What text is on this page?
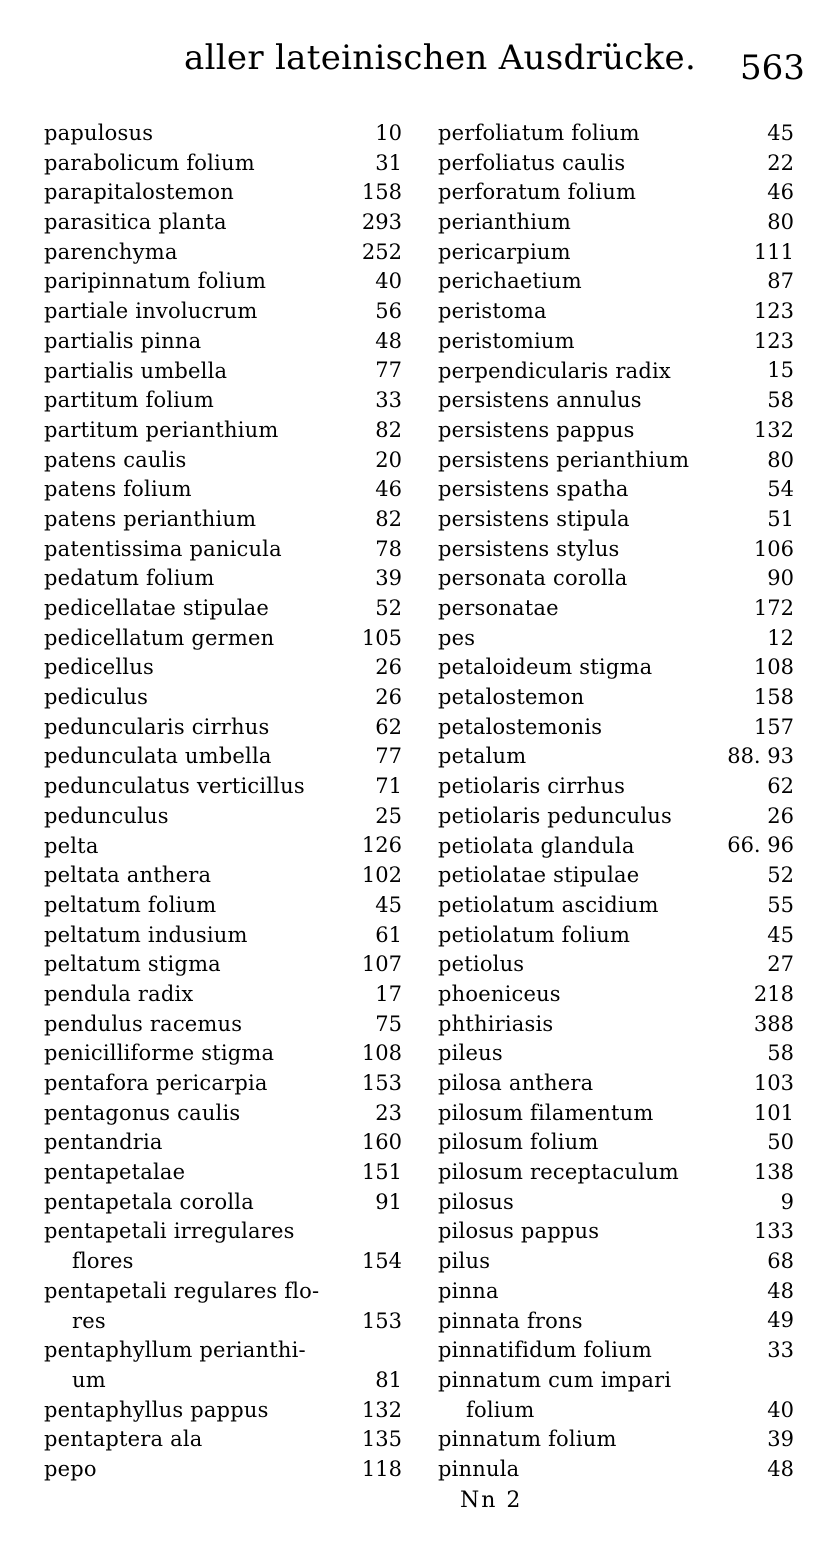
aller lateinischen Ausdrücke. 563
papulosus	10
parabolicum folium	31
parapitalostemon	158
parasitica planta	293
parenchyma	252
paripinnatum folium	40
partiale involucrum	56
partialis pinna	48
partialis umbella	77
partitum folium	33
partitum perianthium	82
patens caulis	20
patens folium	46
patens perianthium	82
patentissima panicula	78
pedatum folium	39
pedicellatae stipulae	52
pedicellatum germen	105
pedicellus	26
pediculus	26
peduncularis cirrhus	62
pedunculata umbella	77
pedunculatus verticillus	71
pedunculus	25
pelta	126
peltata anthera	102
peltatum folium	45
peltatum indusium	61
peltatum stigma	107
pendula radix	17
pendulus racemus	75
penicilliforme stigma	108
pentafora pericarpia	153
pentagonus caulis	23
pentandria	160
pentapetalae	151
pentapetala corolla	91
pentapetali irregulares
flores	154
pentapetali regulares flo-
res	153
pentaphyllum perianthi-
um	81
pentaphyllus pappus	132
pentaptera ala	135
pepo	118
perfoliatum folium	45
perfoliatus caulis	22
perforatum folium	46
perianthium	80
pericarpium	111
perichaetium	87
peristoma	123
peristomium	123
perpendicularis radix	15
persistens annulus	58
persistens pappus	132
persistens perianthium	80
persistens spatha	54
persistens stipula	51
persistens stylus	106
personata corolla	90
personatae	172
pes	12
petaloideum stigma	108
petalostemon	158
petalostemonis	157
petalum	88. 93
petiolaris cirrhus	62
petiolaris pedunculus	26
petiolata glandula	66. 96
petiolatae stipulae	52
petiolatum ascidium	55
petiolatum folium	45
petiolus	27
phoeniceus	218
phthiriasis	388
pileus	58
pilosa anthera	103
pilosum filamentum	101
pilosum folium	50
pilosum receptaculum	138
pilosus	9
pilosus pappus	133
pilus	68
pinna	48
pinnata frons	49
pinnatifidum folium	33
pinnatum cum impari
folium	40
pinnatum folium	39
pinnula	48
Nn 2
